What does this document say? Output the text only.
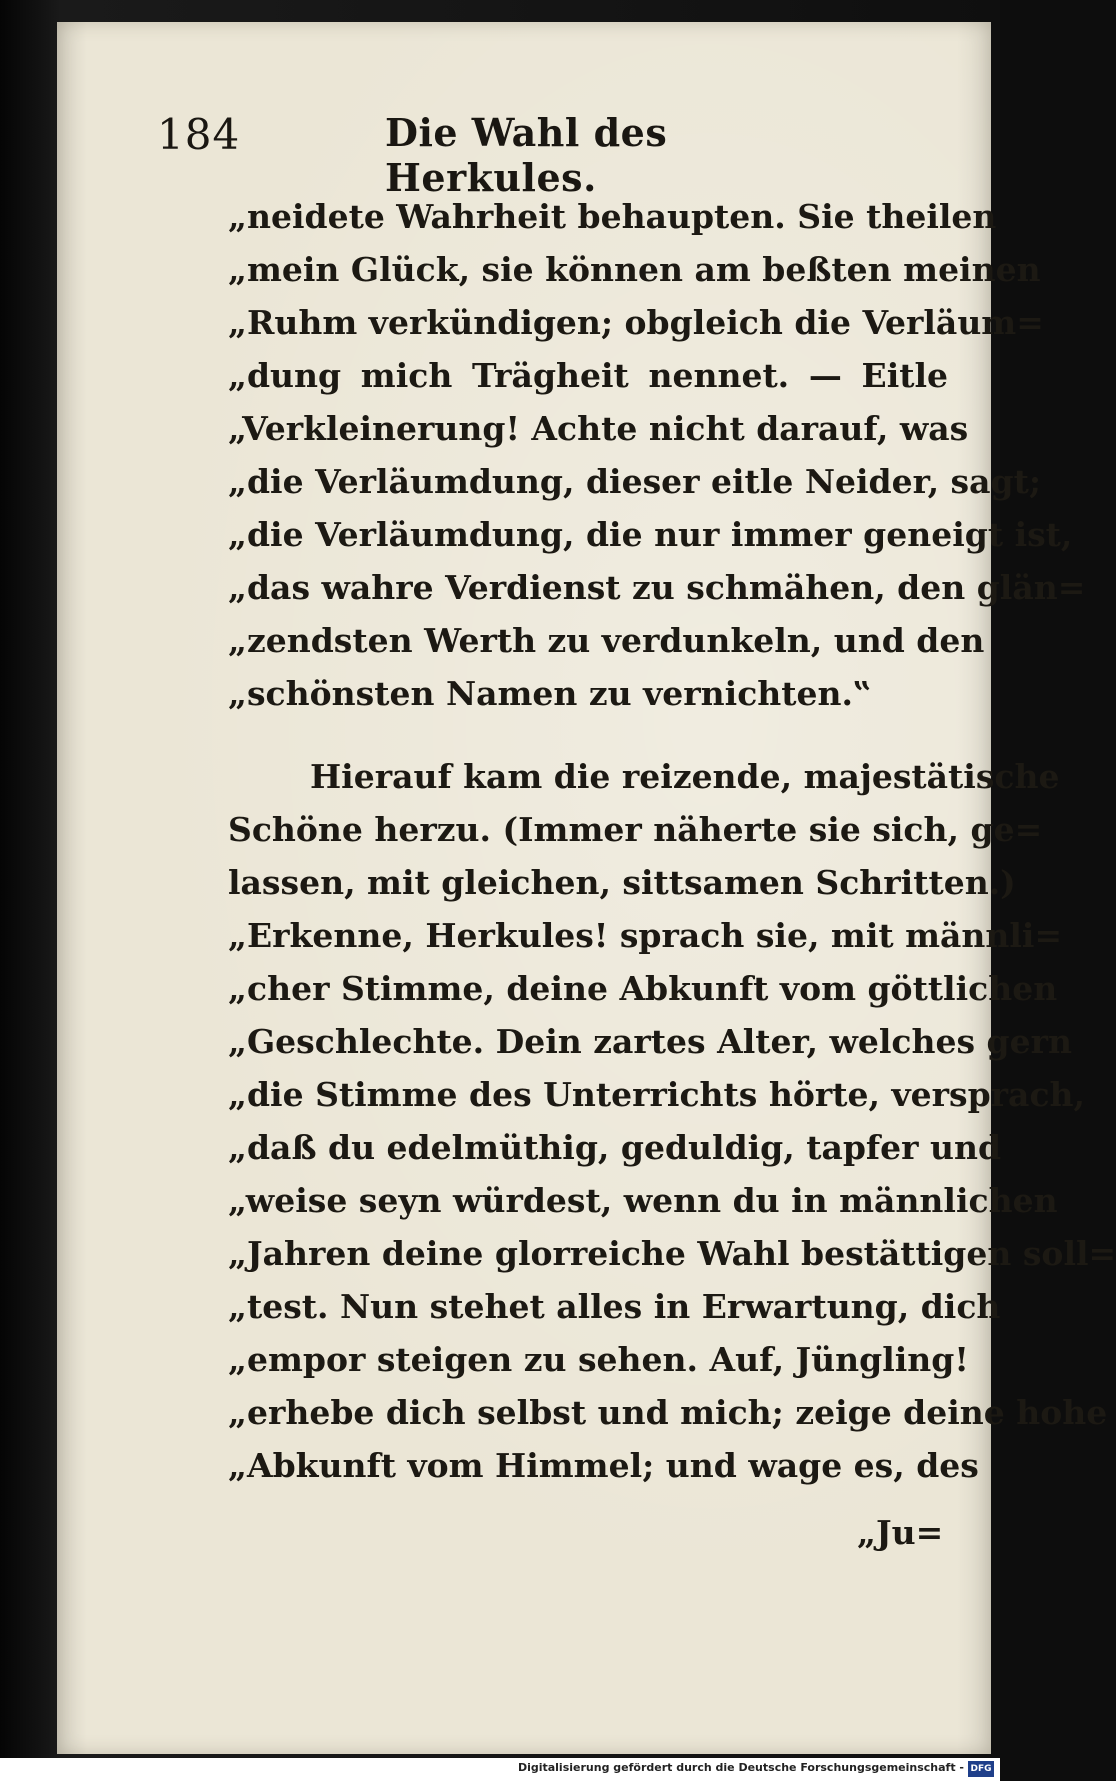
184	Die Wahl des Herkules.
„neidete Wahrheit behaupten. Sie theilen
„mein Glück, sie können am beßten meinen
„Ruhm verkündigen; obgleich die Verläum=
„dung mich Trägheit nennet. — Eitle
„Verkleinerung! Achte nicht darauf, was
„die Verläumdung, dieser eitle Neider, sagt;
„die Verläumdung, die nur immer geneigt ist,
„das wahre Verdienst zu schmähen, den glän=
„zendsten Werth zu verdunkeln, und den
„schönsten Namen zu vernichten.‟
Hierauf kam die reizende, majestätische
Schöne herzu. (Immer näherte sie sich, ge=
lassen, mit gleichen, sittsamen Schritten.)
„Erkenne, Herkules! sprach sie, mit männli=
„cher Stimme, deine Abkunft vom göttlichen
„Geschlechte. Dein zartes Alter, welches gern
„die Stimme des Unterrichts hörte, versprach,
„daß du edelmüthig, geduldig, tapfer und
„weise seyn würdest, wenn du in männlichen
„Jahren deine glorreiche Wahl bestättigen soll=
„test. Nun stehet alles in Erwartung, dich
„empor steigen zu sehen. Auf, Jüngling!
„erhebe dich selbst und mich; zeige deine hohe
„Abkunft vom Himmel; und wage es, des
„Ju=
Digitalisierung gefördert durch die Deutsche Forschungsgemeinschaft - DFG
